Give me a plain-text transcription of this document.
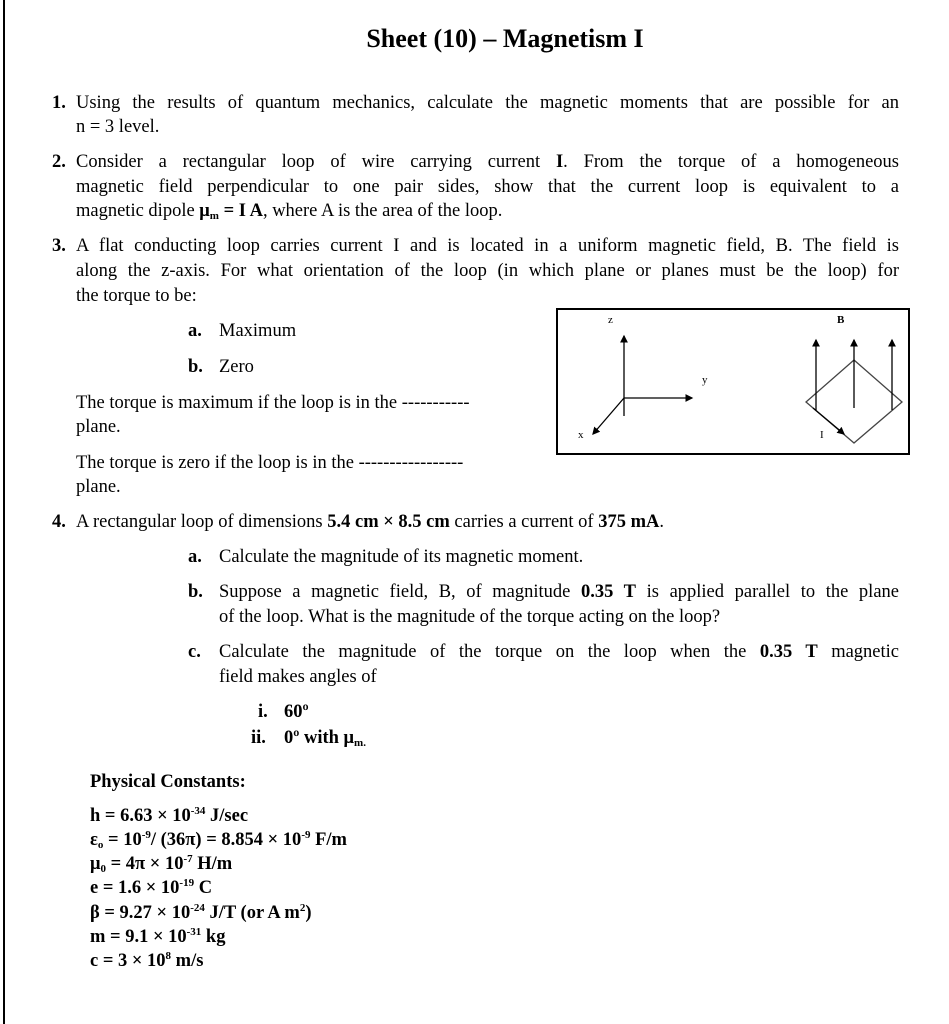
Sheet (10) – Magnetism I
1. Using the results of quantum mechanics, calculate the magnetic moments that are possible for an
n = 3 level.
2. Consider a rectangular loop of wire carrying current I. From the torque of a homogeneous
magnetic field perpendicular to one pair sides, show that the current loop is equivalent to a
magnetic dipole $\mu_m = I$ A, where A is the area of the loop.
3. A flat conducting loop carries current I and is located in a uniform magnetic field, B. The field is
along the z-axis. For what orientation of the loop (in which plane or planes must be the loop) for
the torque to be:
a. Maximum
b. Zero
The torque is maximum if the loop is in the -----------
plane.
The torque is zero if the loop is in the -----------------
plane.
z
y
x
B
I
4. A rectangular loop of dimensions 5.4 cm × 8.5 cm carries a current of 375 mA.
a. Calculate the magnitude of its magnetic moment.
b. Suppose a magnetic field, B, of magnitude 0.35 T is applied parallel to the plane
of the loop. What is the magnitude of the torque acting on the loop?
c. Calculate the magnitude of the torque on the loop when the 0.35 T magnetic
field makes angles of
i. 60º
ii. 0º with $\mu_{m.}$
Physical Constants:
$h = 6.63 \times 10^{-34}$ J/sec
$\varepsilon_o = 10^{-9}/$ $(36\pi) = 8.854 \times 10^{-9}$ F/m
$\mu_0 = 4\pi \times 10^{-7}$ H/m
$e = 1.6 \times 10^{-19}$ C
$\beta = 9.27 \times 10^{-24}$ J/T (or A $m^2$)
$m = 9.1 \times 10^{-31}$ kg
$c = 3 \times 10^8$ m/s
